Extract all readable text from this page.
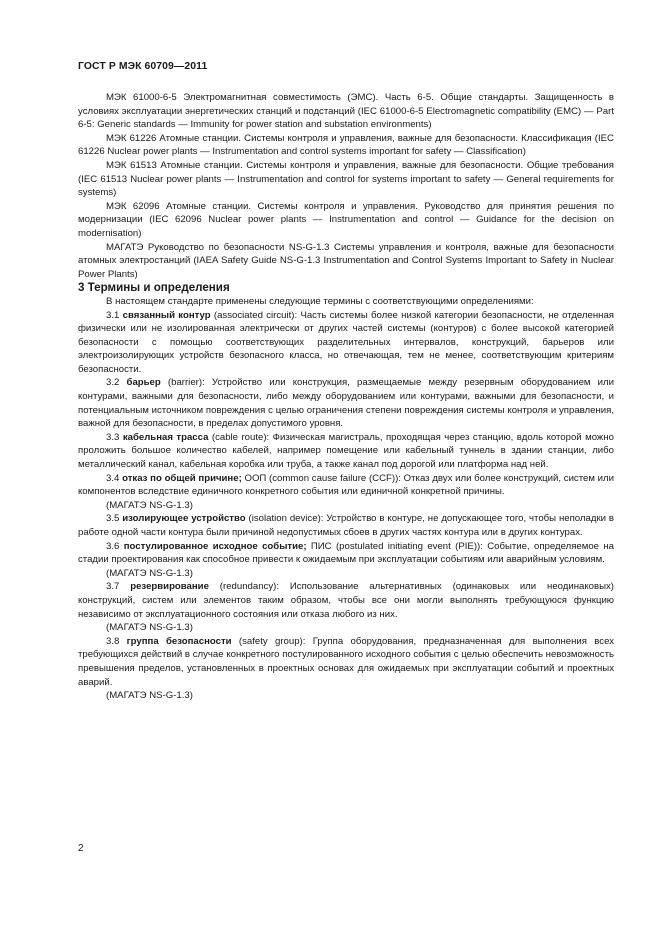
ГОСТ Р МЭК 60709—2011

МЭК 61000-6-5 Электромагнитная совместимость (ЭМС). Часть 6-5. Общие стандарты. Защищенность в условиях эксплуатации энергетических станций и подстанций (IEC 61000-6-5 Electromagnetic compatibility (EMC) — Part 6-5: Generic standards — Immunity for power station and substation environments)

МЭК 61226 Атомные станции. Системы контроля и управления, важные для безопасности. Классификация (IEC 61226 Nuclear power plants — Instrumentation and control systems important for safety — Classification)

МЭК 61513 Атомные станции. Системы контроля и управления, важные для безопасности. Общие требования (IEC 61513 Nuclear power plants — Instrumentation and control for systems important to safety — General requirements for systems)

МЭК 62096 Атомные станции. Системы контроля и управления. Руководство для принятия решения по модернизации (IEC 62096 Nuclear power plants — Instrumentation and control — Guidance for the decision on modernisation)

МАГАТЭ Руководство по безопасности NS-G-1.3 Системы управления и контроля, важные для безопасности атомных электростанций (IAEA Safety Guide NS-G-1.3 Instrumentation and Control Systems Important to Safety in Nuclear Power Plants)

3 Термины и определения

В настоящем стандарте применены следующие термины с соответствующими определениями:

3.1 связанный контур (associated circuit): Часть системы более низкой категории безопасности, не отделенная физически или не изолированная электрически от других частей системы (контуров) с более высокой категорией безопасности с помощью соответствующих разделительных интервалов, конструкций, барьеров или электроизолирующих устройств безопасного класса, но отвечающая, тем не менее, соответствующим критериям безопасности.

3.2 барьер (barrier): Устройство или конструкция, размещаемые между резервным оборудованием или контурами, важными для безопасности, либо между оборудованием или контурами, важными для безопасности, и потенциальным источником повреждения с целью ограничения степени повреждения системы контроля и управления, важной для безопасности, в пределах допустимого уровня.

3.3 кабельная трасса (cable route): Физическая магистраль, проходящая через станцию, вдоль которой можно проложить большое количество кабелей, например помещение или кабельный туннель в здании станции, либо металлический канал, кабельная коробка или труба, а также канал под дорогой или платформа над ней.

3.4 отказ по общей причине; ООП (common cause failure (CCF)): Отказ двух или более конструкций, систем или компонентов вследствие единичного конкретного события или единичной конкретной причины.

(МАГАТЭ NS-G-1.3)

3.5 изолирующее устройство (isolation device): Устройство в контуре, не допускающее того, чтобы неполадки в работе одной части контура были причиной недопустимых сбоев в других частях контура или в других контурах.

3.6 постулированное исходное событие; ПИС (postulated initiating event (PIE)): Событие, определяемое на стадии проектирования как способное привести к ожидаемым при эксплуатации событиям или аварийным условиям.

(МАГАТЭ NS-G-1.3)

3.7 резервирование (redundancy): Использование альтернативных (одинаковых или неодинаковых) конструкций, систем или элементов таким образом, чтобы все они могли выполнять требующуюся функцию независимо от эксплуатационного состояния или отказа любого из них.

(МАГАТЭ NS-G-1.3)

3.8 группа безопасности (safety group): Группа оборудования, предназначенная для выполнения всех требующихся действий в случае конкретного постулированного исходного события с целью обеспечить невозможность превышения пределов, установленных в проектных основах для ожидаемых при эксплуатации событий и проектных аварий.

(МАГАТЭ NS-G-1.3)

2
